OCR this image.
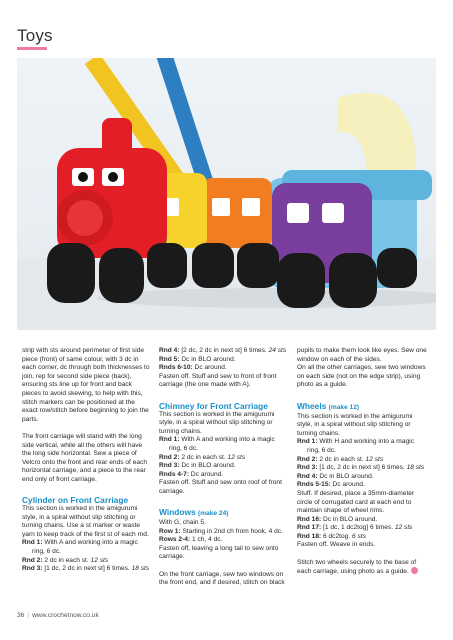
Toys

strip with sts around perimeter of first side piece (front) of same colour, with 3 dc in each corner, dc through both thicknesses to join, rep for second side piece (back), ensuring sts line up for front and back pieces to avoid skewing, to help with this, stitch markers can be positioned at the exact row/stitch before beginning to join the parts.

The front carriage will stand with the long side vertical, while all the others will have the long side horizontal. Sew a piece of Velcro onto the front and rear ends of each horizontal carriage, and a piece to the rear end only of front carriage.

Cylinder on Front Carriage

This section is worked in the amigurumi style, in a spiral without slip stitching or turning chains. Use a st marker or waste yarn to keep track of the first st of each rnd.

Rnd 1: With A and working into a magic

ring, 6 dc.

Rnd 2: 2 dc in each st. 12 sts

Rnd 3: [1 dc, 2 dc in next st] 6 times. 18 sts

Rnd 4: [2 dc, 2 dc in next st] 6 times. 24 sts

Rnd 5: Dc in BLO around.

Rnds 6-10: Dc around.

Fasten off. Stuff and sew to front of front carriage (the one made with A).

Chimney for Front Carriage

This section is worked in the amigurumi style, in a spiral without slip stitching or turning chains.

Rnd 1: With A and working into a magic

ring, 6 dc.

Rnd 2: 2 dc in each st. 12 sts

Rnd 3: Dc in BLO around.

Rnds 4-7: Dc around.

Fasten off. Stuff and sew onto roof of front carriage.

Windows (make 24)

With G, chain 5.

Row 1: Starting in 2nd ch from hook, 4 dc.

Rows 2-4: 1 ch, 4 dc.

Fasten off, leaving a long tail to sew onto carriage.

On the front carriage, sew two windows on the front end, and if desired, stitch on black

pupils to make them look like eyes. Sew one window on each of the sides.

On all the other carriages, sew two windows on each side (not on the edge strip), using photo as a guide.

Wheels (make 12)

This section is worked in the amigurumi style, in a spiral without slip stitching or turning chains.

Rnd 1: With H and working into a magic

ring, 6 dc.

Rnd 2: 2 dc in each st. 12 sts

Rnd 3: [1 dc, 2 dc in next st] 6 times. 18 sts

Rnd 4: Dc in BLO around.

Rnds 5-15: Dc around.

Stuff. If desired, place a 35mm-diameter circle of corrugated card at each end to maintain shape of wheel rims.

Rnd 16: Dc in BLO around.

Rnd 17: [1 dc, 1 dc2tog] 6 times. 12 sts

Rnd 18: 6 dc2tog. 6 sts

Fasten off. Weave in ends.

Stitch two wheels securely to the base of each carriage, using photo as a guide.

36 | www.crochetnow.co.uk
